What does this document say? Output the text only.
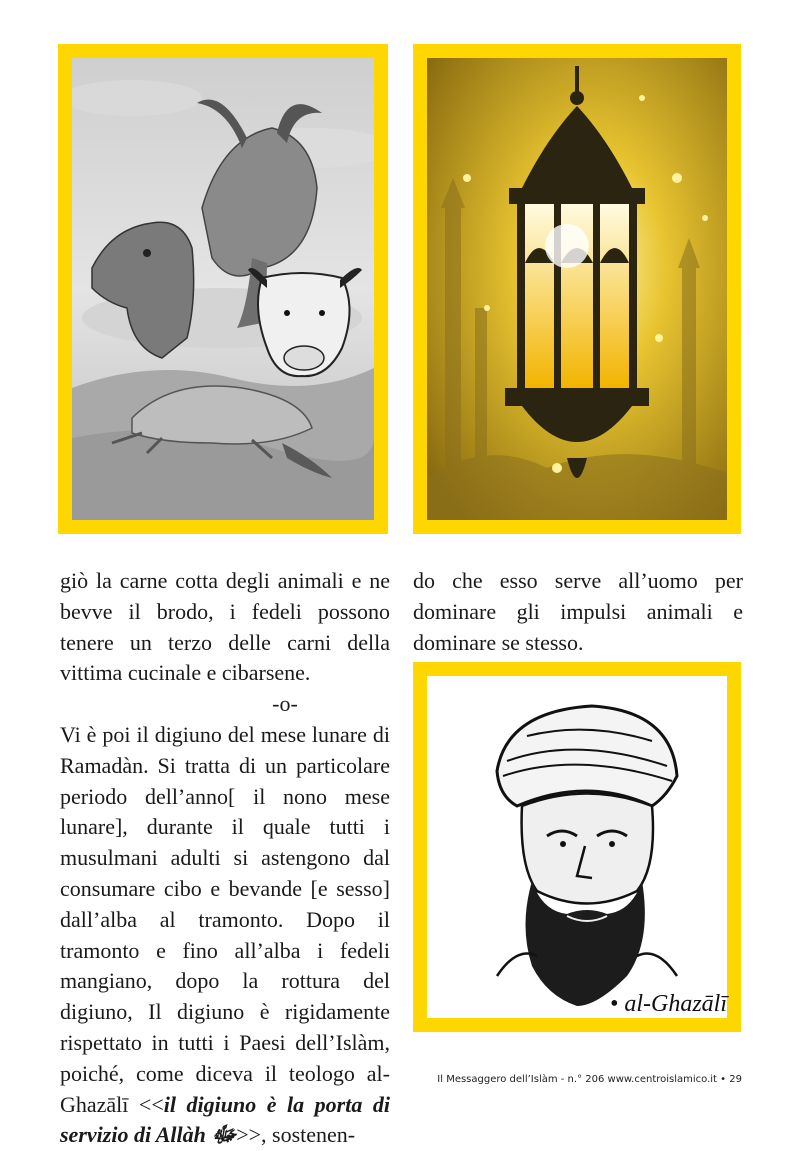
giò la carne cotta degli animali e ne bevve il brodo, i fedeli possono tenere un terzo delle carni della vittima cucinale e cibarsene.

-o-

Vi è poi il digiuno del mese lunare di Ramadàn. Si tratta di un particolare periodo dell’anno[ il nono mese lunare], durante il quale tutti i musulmani adulti si astengono dal consumare cibo e bevande [e sesso] dall’alba al tramonto. Dopo il tramonto e fino all’alba i fedeli mangiano, dopo la rottura del digiuno, Il digiuno è rigidamente rispettato in tutti i Paesi dell’Islàm, poiché, come diceva il teologo al-Ghazālī <<il digiuno è la porta di servizio di Allàh ﷻ>>, sostenen-

do che esso serve all’uomo per dominare gli impulsi animali e dominare se stesso.

• al-Ghazālī
Il Messaggero dell’Islàm - n.° 206 www.centroislamico.it • 29
